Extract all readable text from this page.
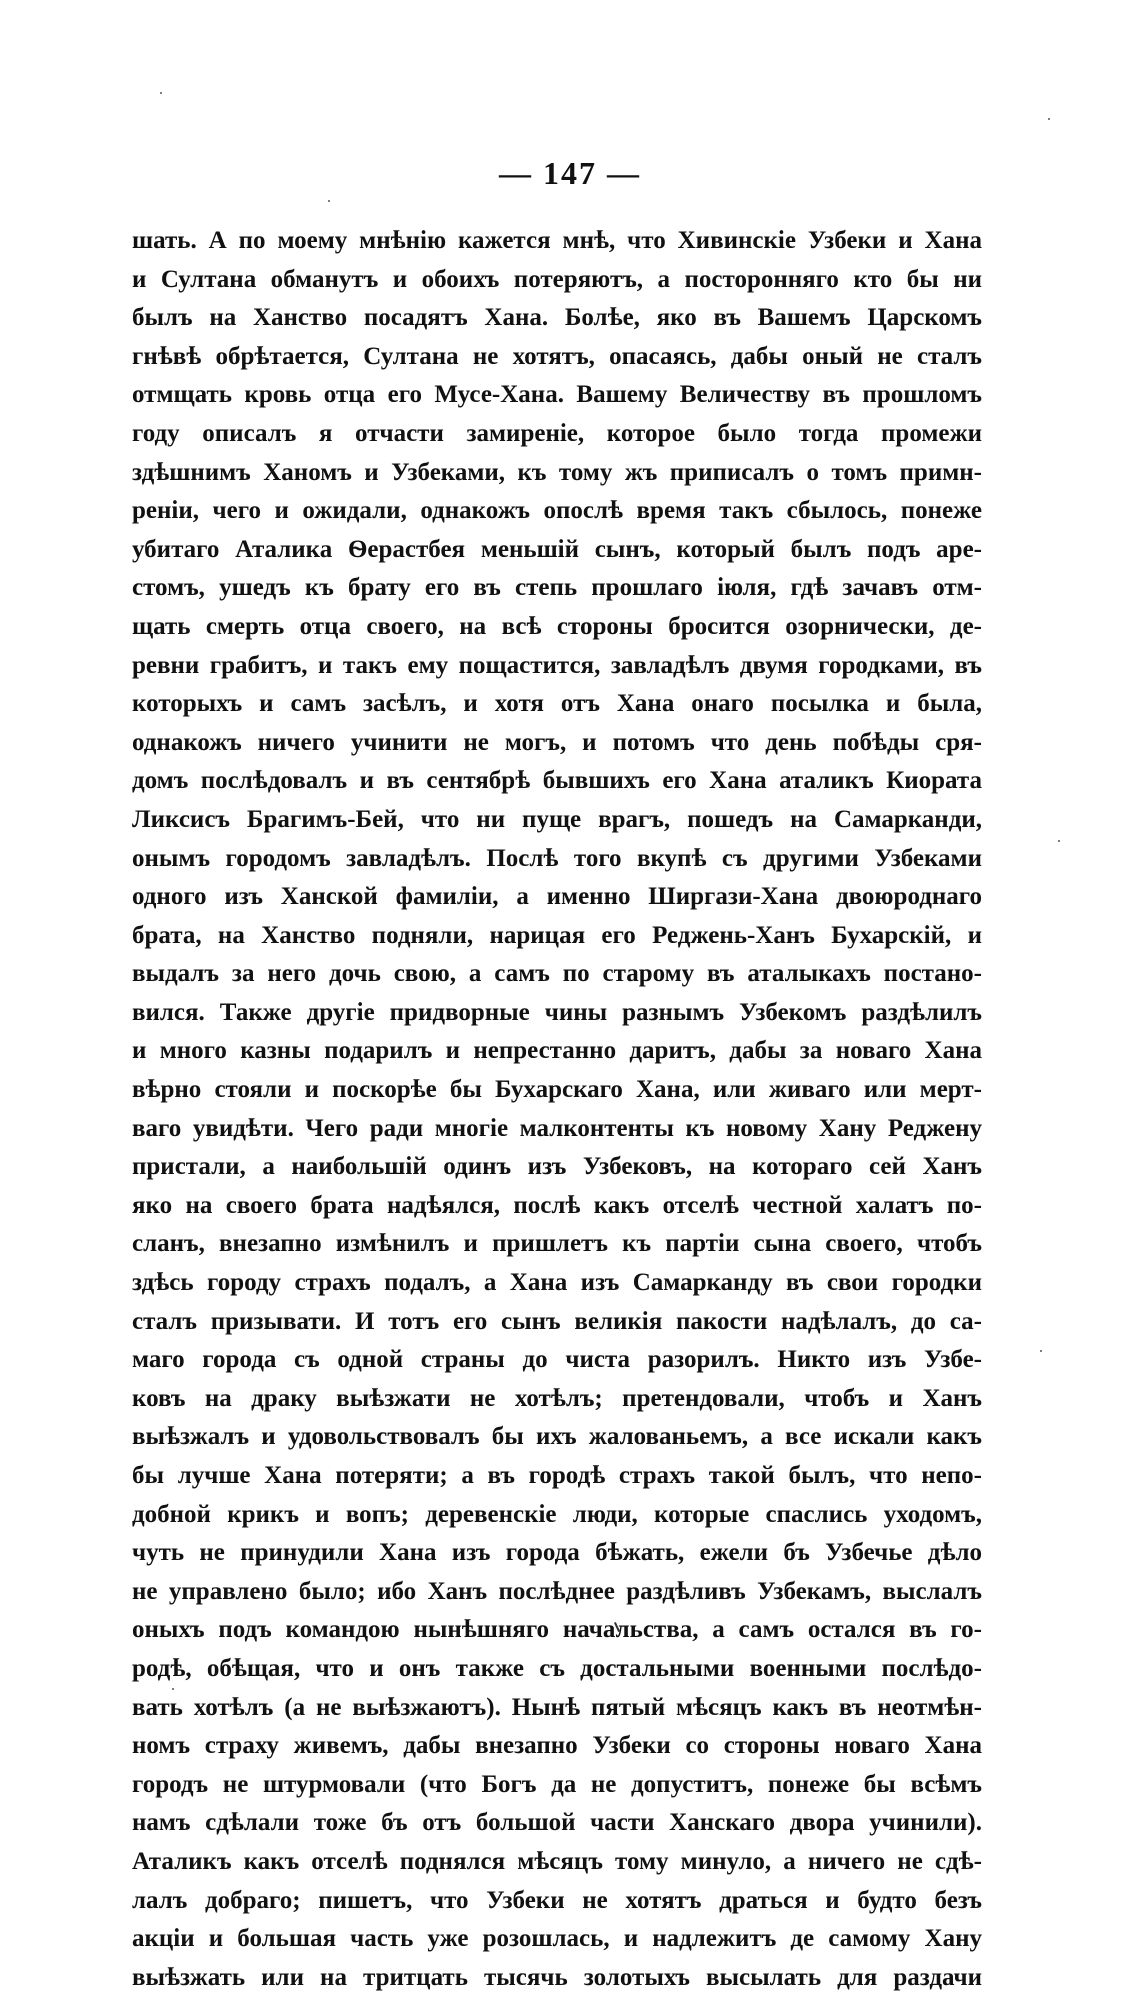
— 147 —
шать. А по моему мнѣнію кажется мнѣ, что Хивинскіе Узбеки и Хана
и Султана обманутъ и обоихъ потеряютъ, а посторонняго кто бы ни
былъ на Ханство посадятъ Хана. Болѣе, яко въ Вашемъ Царскомъ
гнѣвѣ обрѣтается, Султана не хотятъ, опасаясь, дабы оный не сталъ
отмщать кровь отца его Мусе-Хана. Вашему Величеству въ прошломъ
году описалъ я отчасти замиреніе, которое было тогда промежи
здѣшнимъ Ханомъ и Узбеками, къ тому жъ приписалъ о томъ примн-
реніи, чего и ожидали, однакожъ опослѣ время такъ сбылось, понеже
убитаго Аталика Ѳерастбея меньшій сынъ, который былъ подъ аре-
стомъ, ушедъ къ брату его въ степь прошлаго іюля, гдѣ зачавъ отм-
щать смерть отца своего, на всѣ стороны бросится озорнически, де-
ревни грабитъ, и такъ ему пощастится, завладѣлъ двумя городками, въ
которыхъ и самъ засѣлъ, и хотя отъ Хана онаго посылка и была,
однакожъ ничего учинити не могъ, и потомъ что день побѣды сря-
домъ послѣдовалъ и въ сентябрѣ бывшихъ его Хана аталикъ Киората
Ликсисъ Брагимъ-Бей, что ни пуще врагъ, пошедъ на Самарканди,
онымъ городомъ завладѣлъ. Послѣ того вкупѣ съ другими Узбеками
одного изъ Ханской фамиліи, а именно Ширгази-Хана двоюроднаго
брата, на Ханство подняли, нарицая его Реджень-Ханъ Бухарскій, и
выдалъ за него дочь свою, а самъ по старому въ аталыкахъ постано-
вился. Также другіе придворные чины разнымъ Узбекомъ раздѣлилъ
и много казны подарилъ и непрестанно даритъ, дабы за новаго Хана
вѣрно стояли и поскорѣе бы Бухарскаго Хана, или живаго или мерт-
ваго увидѣти. Чего ради многіе малконтенты къ новому Хану Реджену
пристали, а наибольшій одинъ изъ Узбековъ, на котораго сей Ханъ
яко на своего брата надѣялся, послѣ какъ отселѣ честной халатъ по-
сланъ, внезапно измѣнилъ и пришлетъ къ партіи сына своего, чтобъ
здѣсь городу страхъ подалъ, а Хана изъ Самарканду въ свои городки
сталъ призывати. И тотъ его сынъ великія пакости надѣлалъ, до са-
маго города съ одной страны до чиста разорилъ. Никто изъ Узбе-
ковъ на драку выѣзжати не хотѣлъ; претендовали, чтобъ и Ханъ
выѣзжалъ и удовольствовалъ бы ихъ жалованьемъ, а все искали какъ
бы лучше Хана потеряти; а въ городѣ страхъ такой былъ, что непо-
добной крикъ и вопъ; деревенскіе люди, которые спаслись уходомъ,
чуть не принудили Хана изъ города бѣжать, ежели бъ Узбечье дѣло
не управлено было; ибо Ханъ послѣднее раздѣливъ Узбекамъ, выслалъ
оныхъ подъ командою нынѣшняго начальства, а самъ остался въ го-
родѣ, обѣщая, что и онъ также съ достальными военными послѣдо-
вать хотѣлъ (а не выѣзжаютъ). Нынѣ пятый мѣсяцъ какъ въ неотмѣн-
номъ страху живемъ, дабы внезапно Узбеки со стороны новаго Хана
городъ не штурмовали (что Богъ да не допуститъ, понеже бы всѣмъ
намъ сдѣлали тоже бъ отъ большой части Ханскаго двора учинили).
Аталикъ какъ отселѣ поднялся мѣсяцъ тому минуло, а ничего не сдѣ-
лалъ добраго; пишетъ, что Узбеки не хотятъ драться и будто безъ
акціи и большая часть уже розошлась, и надлежитъ де самому Хану
выѣзжать или на тритцать тысячь золотыхъ высылать для раздачи
